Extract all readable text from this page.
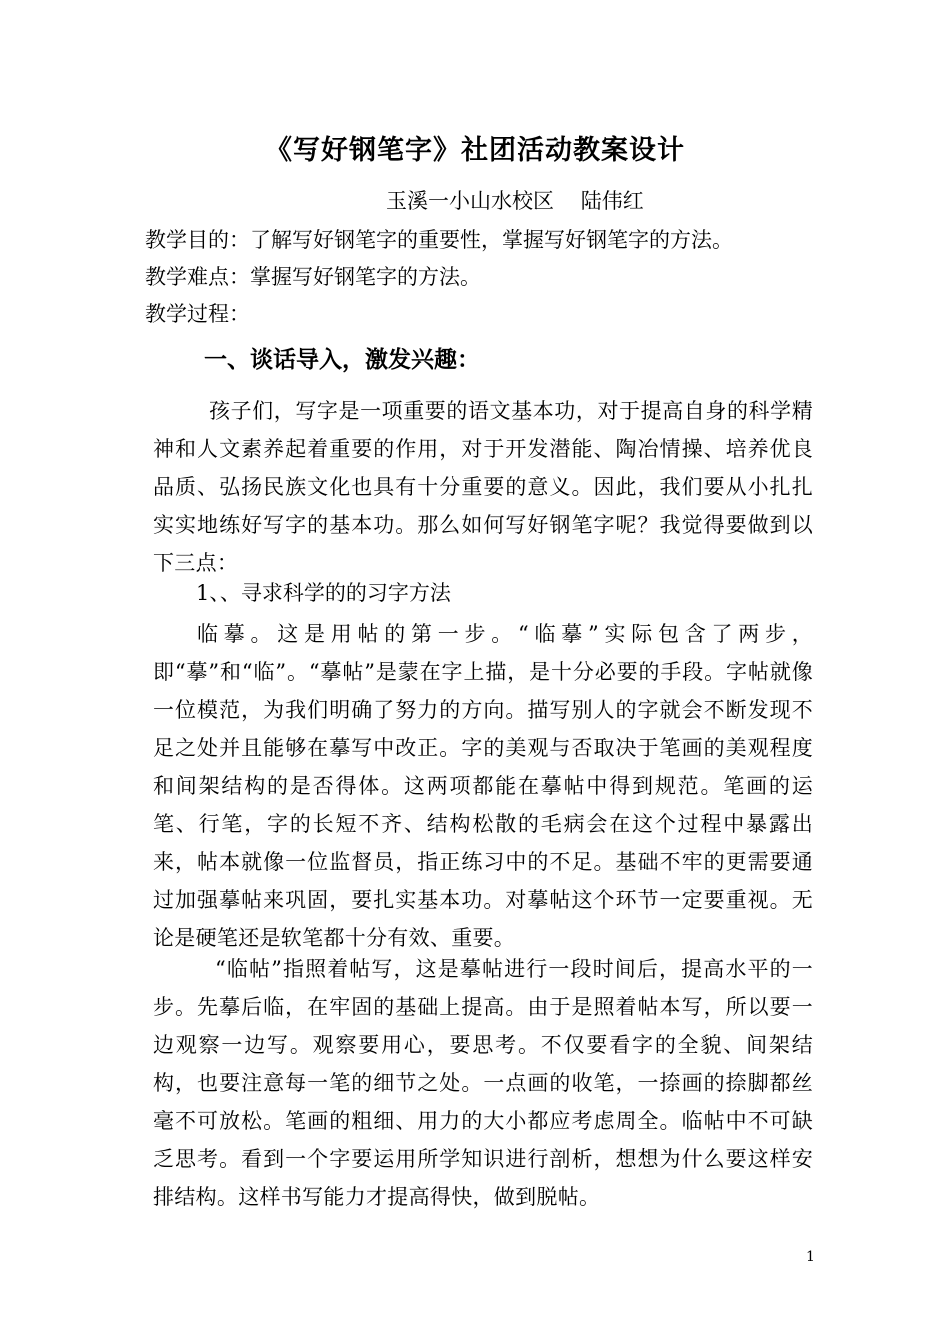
《写好钢笔字》社团活动教案设计
玉溪一小山水校区    陆伟红
教学目的：了解写好钢笔字的重要性，掌握写好钢笔字的方法。
教学难点：掌握写好钢笔字的方法。
教学过程：
一、谈话导入，激发兴趣：
孩子们，写字是一项重要的语文基本功，对于提高自身的科学精神和人文素养起着重要的作用，对于开发潜能、陶冶情操、培养优良品质、弘扬民族文化也具有十分重要的意义。因此，我们要从小扎扎实实地练好写字的基本功。那么如何写好钢笔字呢？我觉得要做到以下三点：
1、、寻求科学的的习字方法
临摹。这是用帖的第一步。“临摹”实际包含了两步，即“摹”和“临”。“摹帖”是蒙在字上描，是十分必要的手段。字帖就像一位模范，为我们明确了努力的方向。描写别人的字就会不断发现不足之处并且能够在摹写中改正。字的美观与否取决于笔画的美观程度和间架结构的是否得体。这两项都能在摹帖中得到规范。笔画的运笔、行笔，字的长短不齐、结构松散的毛病会在这个过程中暴露出来，帖本就像一位监督员，指正练习中的不足。基础不牢的更需要通过加强摹帖来巩固，要扎实基本功。对摹帖这个环节一定要重视。无论是硬笔还是软笔都十分有效、重要。
“临帖”指照着帖写，这是摹帖进行一段时间后，提高水平的一步。先摹后临，在牢固的基础上提高。由于是照着帖本写，所以要一边观察一边写。观察要用心，要思考。不仅要看字的全貌、间架结构，也要注意每一笔的细节之处。一点画的收笔，一捺画的捺脚都丝毫不可放松。笔画的粗细、用力的大小都应考虑周全。临帖中不可缺乏思考。看到一个字要运用所学知识进行剖析，想想为什么要这样安排结构。这样书写能力才提高得快，做到脱帖。
1
